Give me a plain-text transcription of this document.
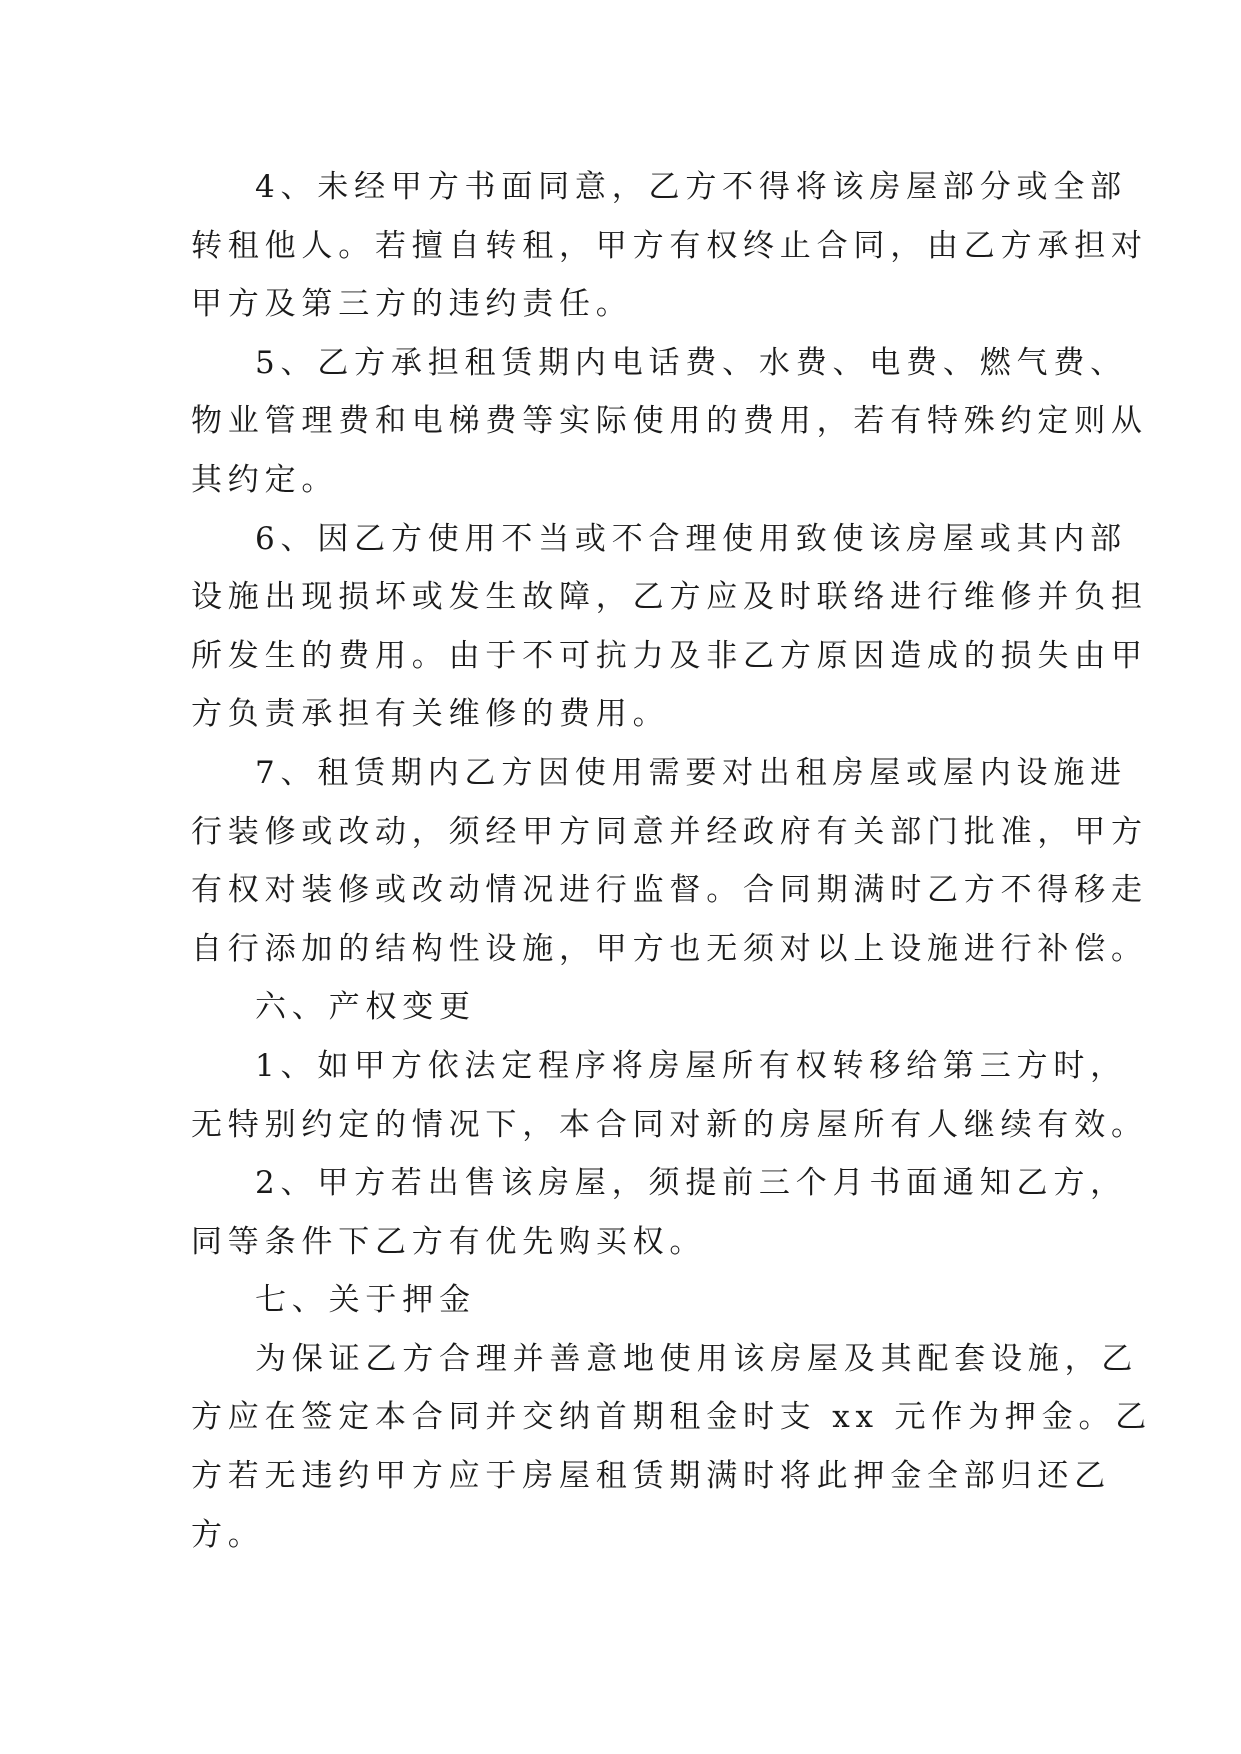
4、未经甲方书面同意，乙方不得将该房屋部分或全部
转租他人。若擅自转租，甲方有权终止合同，由乙方承担对
甲方及第三方的违约责任。

5、乙方承担租赁期内电话费、水费、电费、燃气费、
物业管理费和电梯费等实际使用的费用，若有特殊约定则从
其约定。

6、因乙方使用不当或不合理使用致使该房屋或其内部
设施出现损坏或发生故障，乙方应及时联络进行维修并负担
所发生的费用。由于不可抗力及非乙方原因造成的损失由甲
方负责承担有关维修的费用。

7、租赁期内乙方因使用需要对出租房屋或屋内设施进
行装修或改动，须经甲方同意并经政府有关部门批准，甲方
有权对装修或改动情况进行监督。合同期满时乙方不得移走
自行添加的结构性设施，甲方也无须对以上设施进行补偿。

六、产权变更

1、如甲方依法定程序将房屋所有权转移给第三方时，
无特别约定的情况下，本合同对新的房屋所有人继续有效。

2、甲方若出售该房屋，须提前三个月书面通知乙方，
同等条件下乙方有优先购买权。

七、关于押金

为保证乙方合理并善意地使用该房屋及其配套设施，乙
方应在签定本合同并交纳首期租金时支 xx 元作为押金。乙
方若无违约甲方应于房屋租赁期满时将此押金全部归还乙
方。
